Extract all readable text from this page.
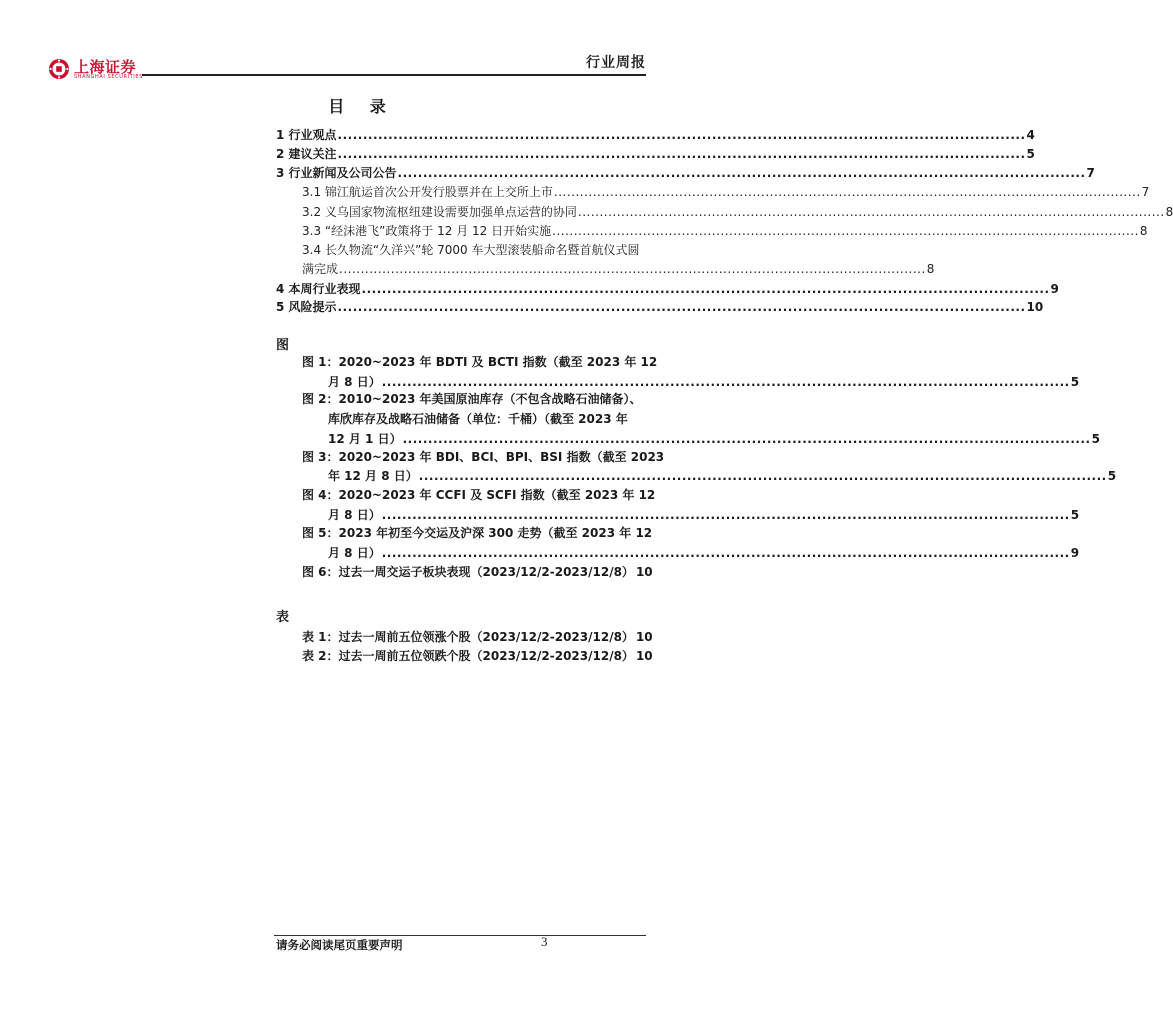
上海证券
SHANGHAI SECURITIES
行业周报
目 录
1 行业观点 ........................................................................................................................................ 4
2 建议关注 ........................................................................................................................................ 5
3 行业新闻及公司公告 ........................................................................................................................................ 7
3.1 锦江航运首次公开发行股票并在上交所上市 ........................................................................................................................................ 7
3.2 义乌国家物流枢纽建设需要加强单点运营的协同 ........................................................................................................................................ 8
3.3 “经沫港飞”政策将于 12 月 12 日开始实施 ........................................................................................................................................ 8
3.4 长久物流“久洋兴”轮 7000 车大型滚装船命名暨首航仪式圆
满完成 ........................................................................................................................................ 8
4 本周行业表现 ........................................................................................................................................ 9
5 风险提示 ........................................................................................................................................ 10
图
图 1：2020~2023 年 BDTI 及 BCTI 指数（截至 2023 年 12
月 8 日） ........................................................................................................................................ 5
图 2：2010~2023 年美国原油库存（不包含战略石油储备）、
库欣库存及战略石油储备（单位：千桶）（截至 2023 年
12 月 1 日） ........................................................................................................................................ 5
图 3：2020~2023 年 BDI、BCI、BPI、BSI 指数（截至 2023
年 12 月 8 日） ........................................................................................................................................ 5
图 4：2020~2023 年 CCFI 及 SCFI 指数（截至 2023 年 12
月 8 日） ........................................................................................................................................ 5
图 5：2023 年初至今交运及沪深 300 走势（截至 2023 年 12
月 8 日） ........................................................................................................................................ 9
图 6：过去一周交运子板块表现（2023/12/2-2023/12/8） 10
表
表 1：过去一周前五位领涨个股（2023/12/2-2023/12/8） 10
表 2：过去一周前五位领跌个股（2023/12/2-2023/12/8） 10
请务必阅读尾页重要声明	3
